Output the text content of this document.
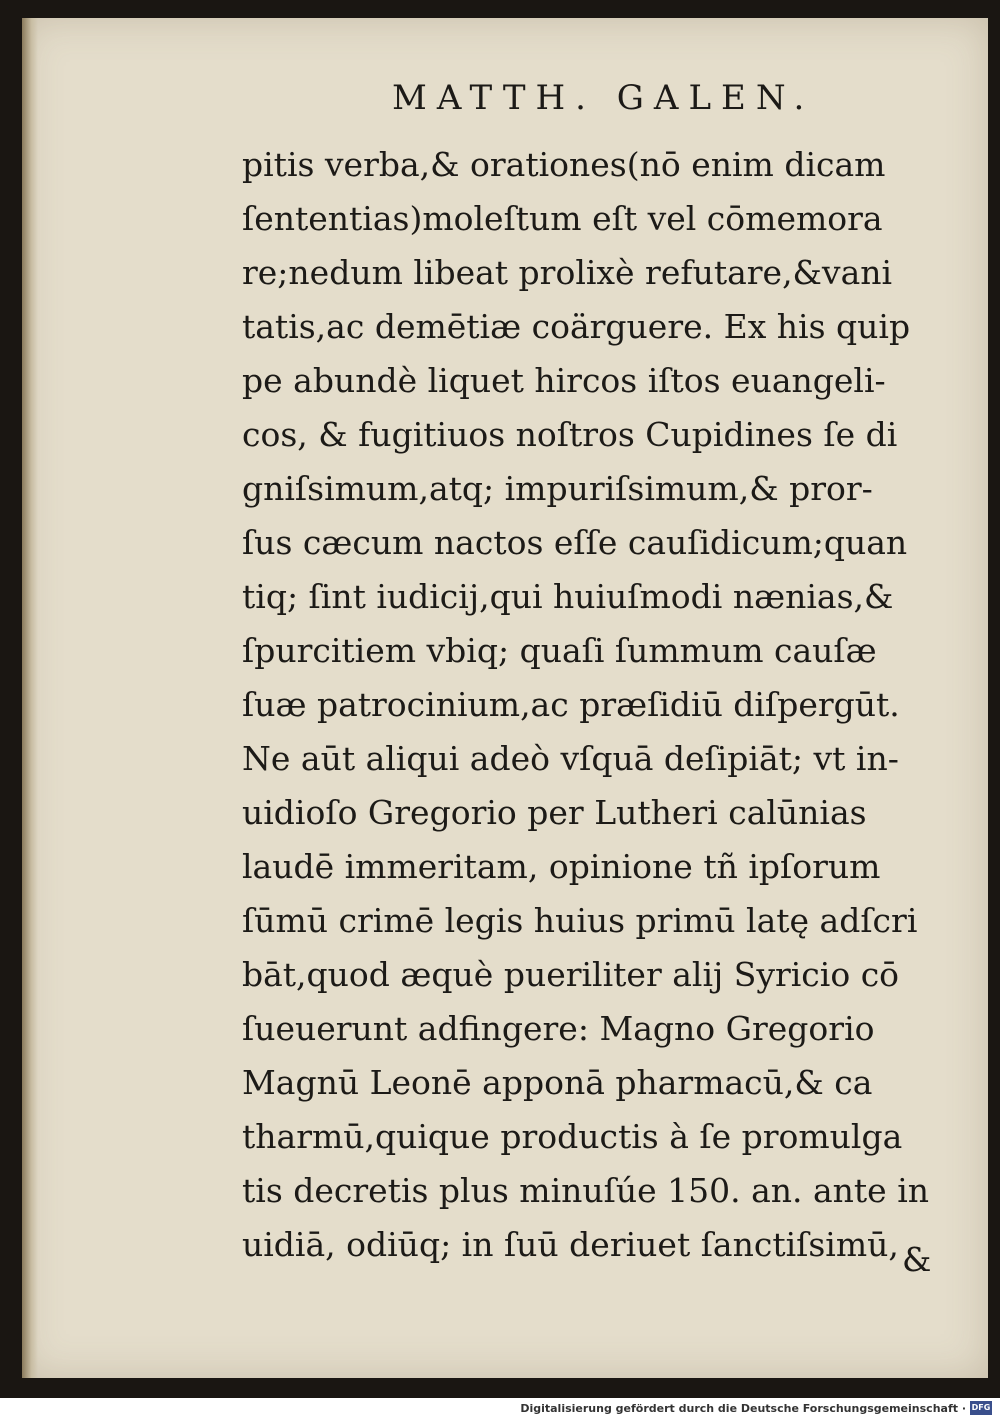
MATTH. GALEN.
pitis verba,& orationes(nō enim dicam
ſententias)moleſtum eſt vel cōmemora
re;nedum libeat prolixè refutare,&vani
tatis,ac demētiæ coärguere. Ex his quip
pe abundè liquet hircos iſtos euangeli-
cos, & fugitiuos noſtros Cupidines ſe di
gniſsimum,atq; impuriſsimum,& pror-
ſus cæcum nactos eſſe cauſidicum;quan
tiq; ſint iudicij,qui huiuſmodi nænias,&
ſpurcitiem vbiq; quaſi ſummum cauſæ
ſuæ patrocinium,ac præſidiū diſpergūt.
Ne aūt aliqui adeò vſquā deſipiāt; vt in-
uidioſo Gregorio per Lutheri calūnias
laudē immeritam, opinione tñ ipſorum
ſūmū crimē legis huius primū latę adſcri
bāt,quod æquè pueriliter alij Syricio cō
ſueuerunt adfingere: Magno Gregorio
Magnū Leonē apponā pharmacū,& ca
tharmū,quique productis à ſe promulga
tis decretis plus minuſúe 150. an. ante in
uidiā, odiūq; in ſuū deriuet ſanctiſsimū, &
Digitalisierung gefördert durch die Deutsche Forschungsgemeinschaft · DFG
